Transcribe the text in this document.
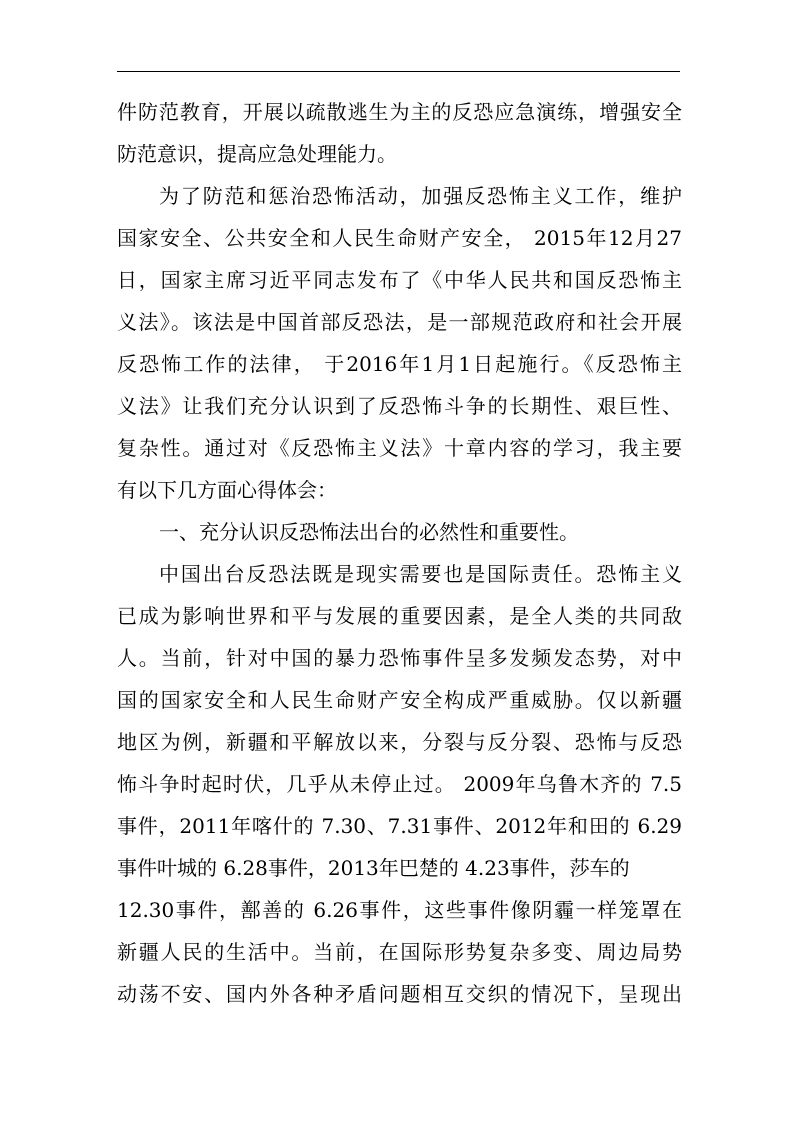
件防范教育，开展以疏散逃生为主的反恐应急演练，增强安全
防范意识，提高应急处理能力。
为了防范和惩治恐怖活动，加强反恐怖主义工作，维护
国家安全、公共安全和人民生命财产安全， 2015年12月27
日，国家主席习近平同志发布了《中华人民共和国反恐怖主
义法》。该法是中国首部反恐法，是一部规范政府和社会开展
反恐怖工作的法律， 于2016年1月1日起施行。《反恐怖主
义法》让我们充分认识到了反恐怖斗争的长期性、艰巨性、
复杂性。通过对《反恐怖主义法》十章内容的学习，我主要
有以下几方面心得体会：
一、充分认识反恐怖法出台的必然性和重要性。
中国出台反恐法既是现实需要也是国际责任。恐怖主义
已成为影响世界和平与发展的重要因素，是全人类的共同敌
人。当前，针对中国的暴力恐怖事件呈多发频发态势，对中
国的国家安全和人民生命财产安全构成严重威胁。仅以新疆
地区为例，新疆和平解放以来，分裂与反分裂、恐怖与反恐
怖斗争时起时伏，几乎从未停止过。 2009年乌鲁木齐的 7.5
事件，2011年喀什的 7.30、7.31事件、2012年和田的 6.29
事件叶城的 6.28事件，2013年巴楚的 4.23事件，莎车的
12.30事件，鄯善的 6.26事件，这些事件像阴霾一样笼罩在
新疆人民的生活中。当前，在国际形势复杂多变、周边局势
动荡不安、国内外各种矛盾问题相互交织的情况下，呈现出
